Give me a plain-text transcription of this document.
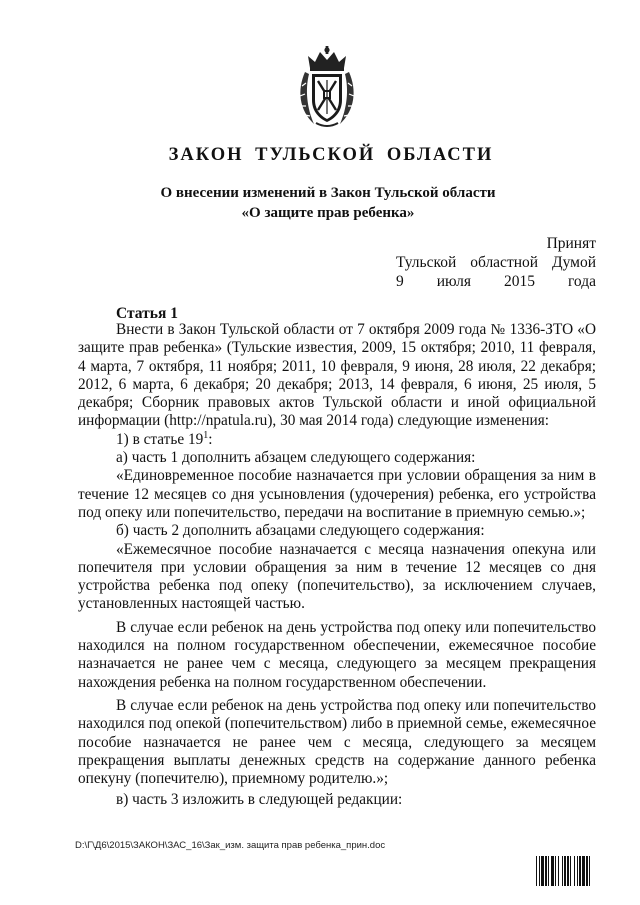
ЗАКОН ТУЛЬСКОЙ ОБЛАСТИ
О внесении изменений в Закон Тульской области
«О защите прав ребенка»
Принят
Тульской областной Думой
9 июля 2015 года
Статья 1

Внести в Закон Тульской области от 7 октября 2009 года № 1336-ЗТО «О защите прав ребенка» (Тульские известия, 2009, 15 октября; 2010, 11 февраля, 4 марта, 7 октября, 11 ноября; 2011, 10 февраля, 9 июня, 28 июля, 22 декабря; 2012, 6 марта, 6 декабря; 20 декабря; 2013, 14 февраля, 6 июня, 25 июля, 5 декабря; Сборник правовых актов Тульской области и иной официальной информации (http://npatula.ru), 30 мая 2014 года) следующие изменения:

1) в статье $19^1$:

а) часть 1 дополнить абзацем следующего содержания:

«Единовременное пособие назначается при условии обращения за ним в течение 12 месяцев со дня усыновления (удочерения) ребенка, его устройства под опеку или попечительство, передачи на воспитание в приемную семью.»;

б) часть 2 дополнить абзацами следующего содержания:

«Ежемесячное пособие назначается с месяца назначения опекуна или попечителя при условии обращения за ним в течение 12 месяцев со дня устройства ребенка под опеку (попечительство), за исключением случаев, установленных настоящей частью.

В случае если ребенок на день устройства под опеку или попечительство находился на полном государственном обеспечении, ежемесячное пособие назначается не ранее чем с месяца, следующего за месяцем прекращения нахождения ребенка на полном государственном обеспечении.

В случае если ребенок на день устройства под опеку или попечительство находился под опекой (попечительством) либо в приемной семье, ежемесячное пособие назначается не ранее чем с месяца, следующего за месяцем прекращения выплаты денежных средств на содержание данного ребенка опекуну (попечителю), приемному родителю.»;

в) часть 3 изложить в следующей редакции:

D:\Г\Д6\2015\ЗАКОН\ЗАС_16\Зак_изм. защита прав ребенка_прин.doc
